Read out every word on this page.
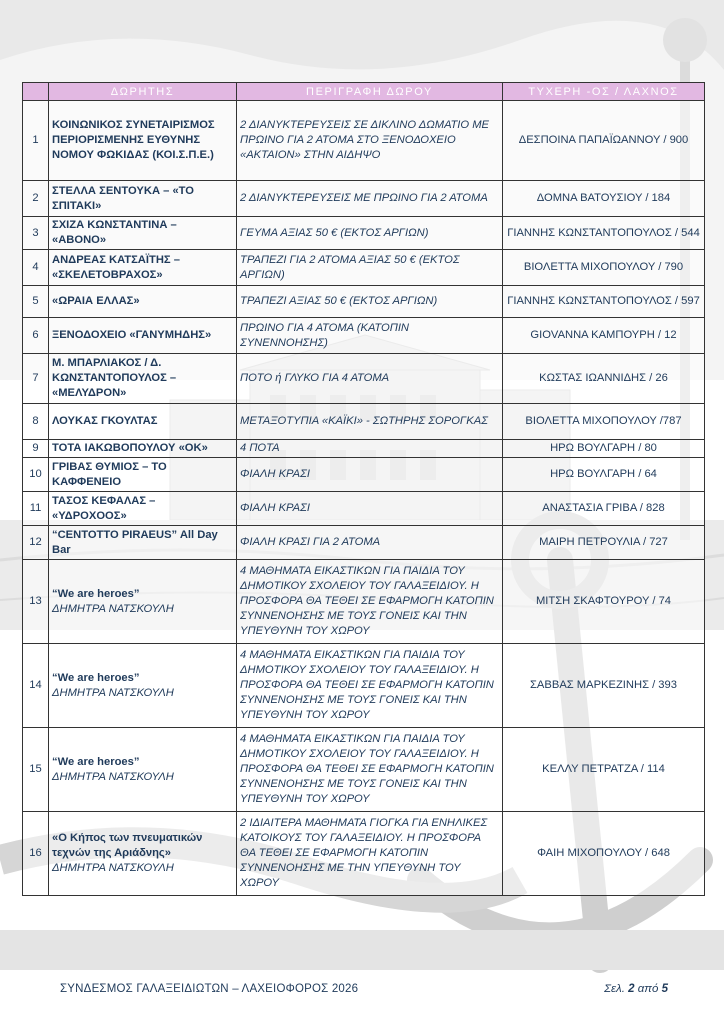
	ΔΩΡΗΤΗΣ	ΠΕΡΙΓΡΑΦΗ ΔΩΡΟΥ	ΤΥΧΕΡΗ -ΟΣ / ΛΑΧΝΟΣ
1	ΚΟΙΝΩΝΙΚΟΣ ΣΥΝΕΤΑΙΡΙΣΜΟΣ ΠΕΡΙΟΡΙΣΜΕΝΗΣ ΕΥΘΥΝΗΣ ΝΟΜΟΥ ΦΩΚΙΔΑΣ (ΚΟΙ.Σ.Π.Ε.)	2 ΔΙΑΝΥΚΤΕΡΕΥΣΕΙΣ ΣΕ ΔΙΚΛΙΝΟ ΔΩΜΑΤΙΟ ΜΕ ΠΡΩΙΝΟ ΓΙΑ 2 ΑΤΟΜΑ ΣΤΟ ΞΕΝΟΔΟΧΕΙΟ «ΑΚΤΑΙΟΝ» ΣΤΗΝ ΑΙΔΗΨΟ	ΔΕΣΠΟΙΝΑ ΠΑΠΑΪΩΑΝΝΟΥ / 900
2	ΣΤΕΛΛΑ ΣΕΝΤΟΥΚΑ – «ΤΟ ΣΠΙΤΑΚΙ»	2 ΔΙΑΝΥΚΤΕΡΕΥΣΕΙΣ ΜΕ ΠΡΩΙΝΟ ΓΙΑ 2 ΑΤΟΜΑ	ΔΟΜΝΑ ΒΑΤΟΥΣΙΟΥ / 184
3	ΣΧΙΖΑ ΚΩΝΣΤΑΝΤΙΝΑ – «ΑΒΟΝΟ»	ΓΕΥΜΑ ΑΞΙΑΣ 50 € (ΕΚΤΟΣ ΑΡΓΙΩΝ)	ΓΙΑΝΝΗΣ ΚΩΝΣΤΑΝΤΟΠΟΥΛΟΣ / 544
4	ΑΝΔΡΕΑΣ ΚΑΤΣΑΪΤΗΣ – «ΣΚΕΛΕΤΟΒΡΑΧΟΣ»	ΤΡΑΠΕΖΙ ΓΙΑ 2 ΑΤΟΜΑ ΑΞΙΑΣ 50 € (ΕΚΤΟΣ ΑΡΓΙΩΝ)	ΒΙΟΛΕΤΤΑ ΜΙΧΟΠΟΥΛΟΥ / 790
5	«ΩΡΑΙΑ ΕΛΛΑΣ»	ΤΡΑΠΕΖΙ ΑΞΙΑΣ 50 € (ΕΚΤΟΣ ΑΡΓΙΩΝ)	ΓΙΑΝΝΗΣ ΚΩΝΣΤΑΝΤΟΠΟΥΛΟΣ / 597
6	ΞΕΝΟΔΟΧΕΙΟ «ΓΑΝΥΜΗΔΗΣ»	ΠΡΩΙΝΟ ΓΙΑ 4 ΑΤΟΜΑ (ΚΑΤΟΠΙΝ ΣΥΝΕΝΝΟΗΣΗΣ)	GIOVANNA ΚΑΜΠΟΥΡΗ / 12
7	Μ. ΜΠΑΡΛΙΑΚΟΣ / Δ. ΚΩΝΣΤΑΝΤΟΠΟΥΛΟΣ – «ΜΕΛΥΔΡΟΝ»	ΠΟΤΟ ή ΓΛΥΚΟ ΓΙΑ 4 ΑΤΟΜΑ	ΚΩΣΤΑΣ ΙΩΑΝΝΙΔΗΣ / 26
8	ΛΟΥΚΑΣ ΓΚΟΥΛΤΑΣ	ΜΕΤΑΞΟΤΥΠΙΑ «ΚΑΪΚΙ» - ΣΩΤΗΡΗΣ ΣΟΡΟΓΚΑΣ	ΒΙΟΛΕΤΤΑ ΜΙΧΟΠΟΥΛΟΥ /787
9	ΤΟΤΑ ΙΑΚΩΒΟΠΟΥΛΟΥ «ΟΚ»	4 ΠΟΤΑ	ΗΡΩ ΒΟΥΛΓΑΡΗ / 80
10	ΓΡΙΒΑΣ ΘΥΜΙΟΣ – ΤΟ ΚΑΦΦΕΝΕΙΟ	ΦΙΑΛΗ ΚΡΑΣΙ	ΗΡΩ ΒΟΥΛΓΑΡΗ / 64
11	ΤΑΣΟΣ ΚΕΦΑΛΑΣ – «ΥΔΡΟΧΟΟΣ»	ΦΙΑΛΗ ΚΡΑΣΙ	ΑΝΑΣΤΑΣΙΑ ΓΡΙΒΑ / 828
12	“CENTOTTO PIRAEUS” All Day Bar	ΦΙΑΛΗ ΚΡΑΣΙ ΓΙΑ 2 ΑΤΟΜΑ	ΜΑΙΡΗ ΠΕΤΡΟΥΛΙΑ / 727
13	“We are heroes”
ΔΗΜΗΤΡΑ ΝΑΤΣΚΟΥΛΗ	4 ΜΑΘΗΜΑΤΑ ΕΙΚΑΣΤΙΚΩΝ ΓΙΑ ΠΑΙΔΙΑ ΤΟΥ ΔΗΜΟΤΙΚΟΥ ΣΧΟΛΕΙΟΥ ΤΟΥ ΓΑΛΑΞΕΙΔΙΟΥ. Η ΠΡΟΣΦΟΡΑ ΘΑ ΤΕΘΕΙ ΣΕ ΕΦΑΡΜΟΓΗ ΚΑΤΟΠΙΝ ΣΥΝΝΕΝΟΗΣΗΣ ΜΕ ΤΟΥΣ ΓΟΝΕΙΣ ΚΑΙ ΤΗΝ ΥΠΕΥΘΥΝΗ ΤΟΥ ΧΩΡΟΥ	ΜΙΤΣΗ ΣΚΑΦΤΟΥΡΟΥ / 74
14	“We are heroes”
ΔΗΜΗΤΡΑ ΝΑΤΣΚΟΥΛΗ	4 ΜΑΘΗΜΑΤΑ ΕΙΚΑΣΤΙΚΩΝ ΓΙΑ ΠΑΙΔΙΑ ΤΟΥ ΔΗΜΟΤΙΚΟΥ ΣΧΟΛΕΙΟΥ ΤΟΥ ΓΑΛΑΞΕΙΔΙΟΥ. Η ΠΡΟΣΦΟΡΑ ΘΑ ΤΕΘΕΙ ΣΕ ΕΦΑΡΜΟΓΗ ΚΑΤΟΠΙΝ ΣΥΝΝΕΝΟΗΣΗΣ ΜΕ ΤΟΥΣ ΓΟΝΕΙΣ ΚΑΙ ΤΗΝ ΥΠΕΥΘΥΝΗ ΤΟΥ ΧΩΡΟΥ	ΣΑΒΒΑΣ ΜΑΡΚΕΖΙΝΗΣ / 393
15	“We are heroes”
ΔΗΜΗΤΡΑ ΝΑΤΣΚΟΥΛΗ	4 ΜΑΘΗΜΑΤΑ ΕΙΚΑΣΤΙΚΩΝ ΓΙΑ ΠΑΙΔΙΑ ΤΟΥ ΔΗΜΟΤΙΚΟΥ ΣΧΟΛΕΙΟΥ ΤΟΥ ΓΑΛΑΞΕΙΔΙΟΥ. Η ΠΡΟΣΦΟΡΑ ΘΑ ΤΕΘΕΙ ΣΕ ΕΦΑΡΜΟΓΗ ΚΑΤΟΠΙΝ ΣΥΝΝΕΝΟΗΣΗΣ ΜΕ ΤΟΥΣ ΓΟΝΕΙΣ ΚΑΙ ΤΗΝ ΥΠΕΥΘΥΝΗ ΤΟΥ ΧΩΡΟΥ	ΚΕΛΛΥ ΠΕΤΡΑΤΖΑ / 114
16	«Ο Κήπος των πνευματικών τεχνών της Αριάδνης»
ΔΗΜΗΤΡΑ ΝΑΤΣΚΟΥΛΗ	2 ΙΔΙΑΙΤΕΡΑ ΜΑΘΗΜΑΤΑ ΓΙΟΓΚΑ ΓΙΑ ΕΝΗΛΙΚΕΣ ΚΑΤΟΙΚΟΥΣ ΤΟΥ ΓΑΛΑΞΕΙΔΙΟΥ. Η ΠΡΟΣΦΟΡΑ ΘΑ ΤΕΘΕΙ ΣΕ ΕΦΑΡΜΟΓΗ ΚΑΤΟΠΙΝ ΣΥΝΝΕΝΟΗΣΗΣ ΜΕ ΤΗΝ ΥΠΕΥΘΥΝΗ ΤΟΥ ΧΩΡΟΥ	ΦΑΙΗ ΜΙΧΟΠΟΥΛΟΥ / 648
ΣΥΝΔΕΣΜΟΣ ΓΑΛΑΞΕΙΔΙΩΤΩΝ – ΛΑΧΕΙΟΦΟΡΟΣ 2026	Σελ. 2 από 5
